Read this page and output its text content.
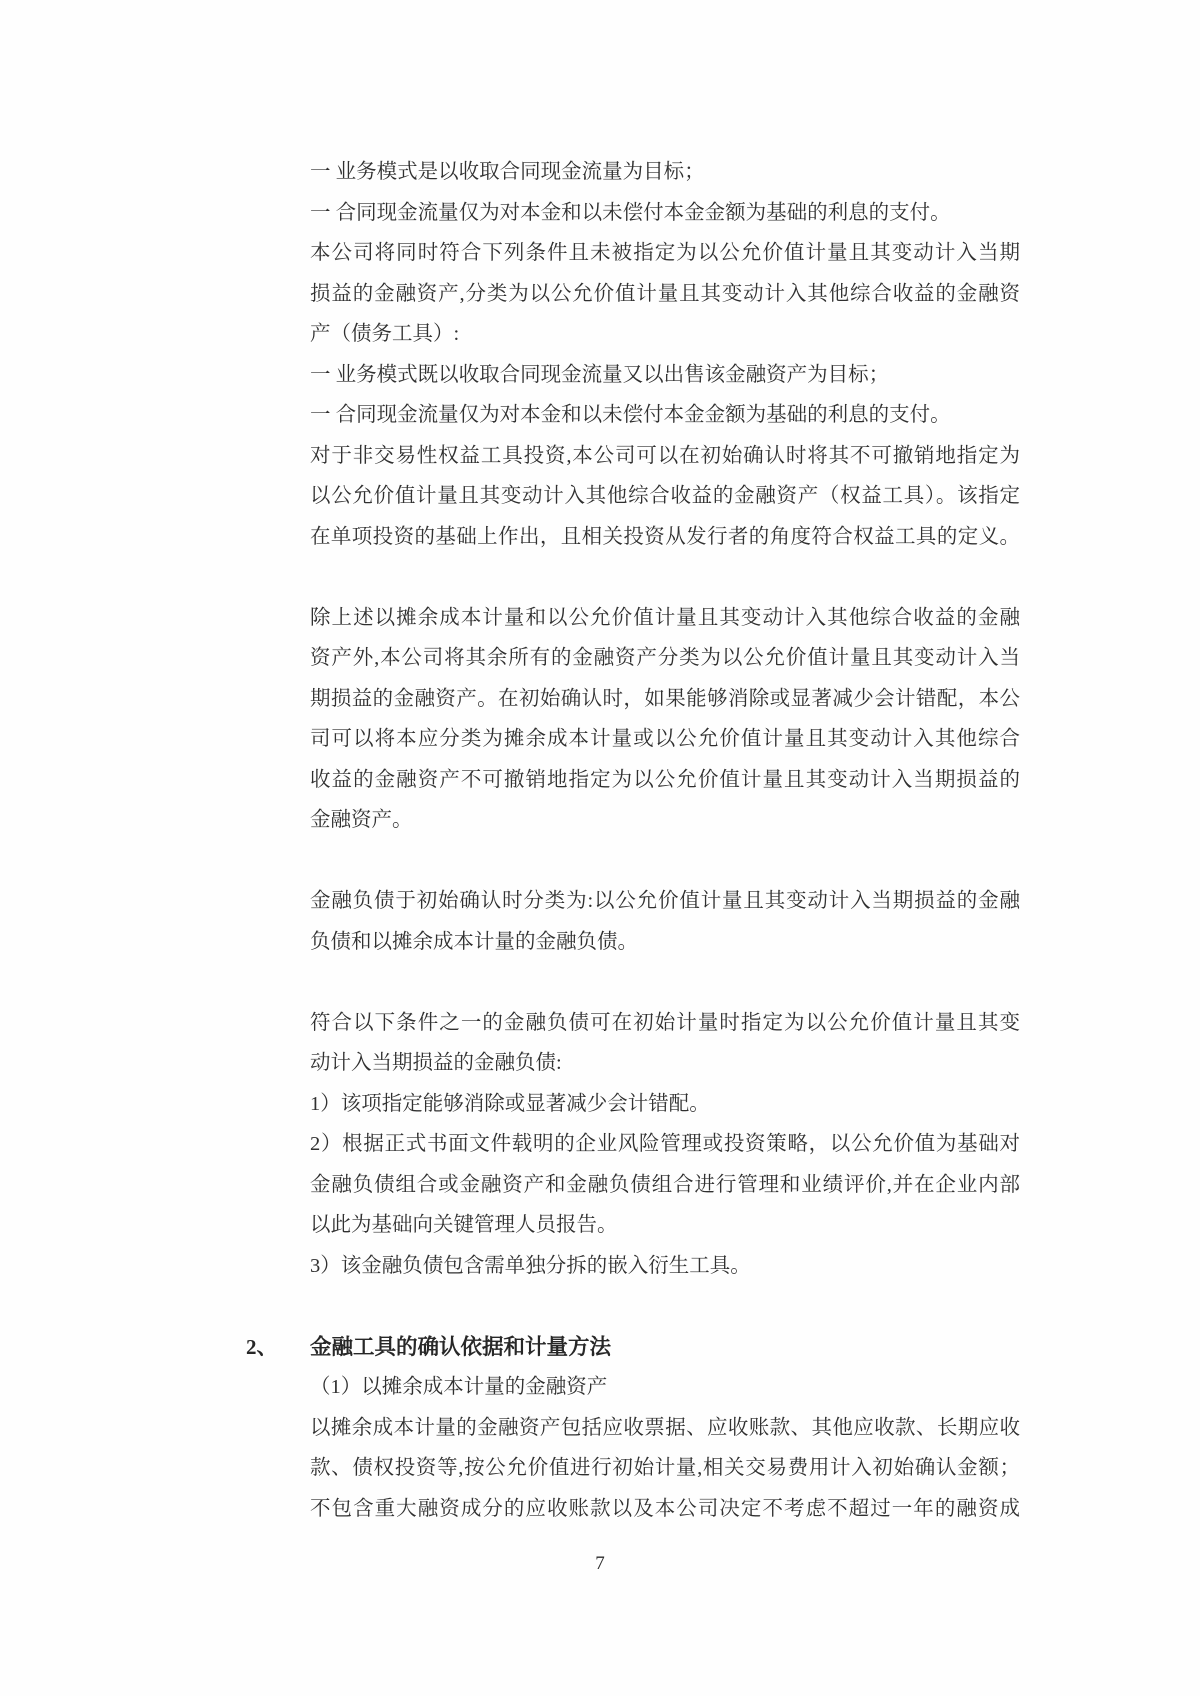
一 业务模式是以收取合同现金流量为目标；
一 合同现金流量仅为对本金和以未偿付本金金额为基础的利息的支付。
本公司将同时符合下列条件且未被指定为以公允价值计量且其变动计入当期
损益的金融资产,分类为以公允价值计量且其变动计入其他综合收益的金融资
产（债务工具）:
一 业务模式既以收取合同现金流量又以出售该金融资产为目标；
一 合同现金流量仅为对本金和以未偿付本金金额为基础的利息的支付。
对于非交易性权益工具投资,本公司可以在初始确认时将其不可撤销地指定为
以公允价值计量且其变动计入其他综合收益的金融资产（权益工具）。该指定
在单项投资的基础上作出，且相关投资从发行者的角度符合权益工具的定义。
除上述以摊余成本计量和以公允价值计量且其变动计入其他综合收益的金融
资产外,本公司将其余所有的金融资产分类为以公允价值计量且其变动计入当
期损益的金融资产。在初始确认时，如果能够消除或显著减少会计错配，本公
司可以将本应分类为摊余成本计量或以公允价值计量且其变动计入其他综合
收益的金融资产不可撤销地指定为以公允价值计量且其变动计入当期损益的
金融资产。
金融负债于初始确认时分类为:以公允价值计量且其变动计入当期损益的金融
负债和以摊余成本计量的金融负债。
符合以下条件之一的金融负债可在初始计量时指定为以公允价值计量且其变
动计入当期损益的金融负债:
1）该项指定能够消除或显著减少会计错配。
2）根据正式书面文件载明的企业风险管理或投资策略，以公允价值为基础对
金融负债组合或金融资产和金融负债组合进行管理和业绩评价,并在企业内部
以此为基础向关键管理人员报告。
3）该金融负债包含需单独分拆的嵌入衍生工具。
2、 金融工具的确认依据和计量方法
（1）以摊余成本计量的金融资产
以摊余成本计量的金融资产包括应收票据、应收账款、其他应收款、长期应收
款、债权投资等,按公允价值进行初始计量,相关交易费用计入初始确认金额；
不包含重大融资成分的应收账款以及本公司决定不考虑不超过一年的融资成
7
